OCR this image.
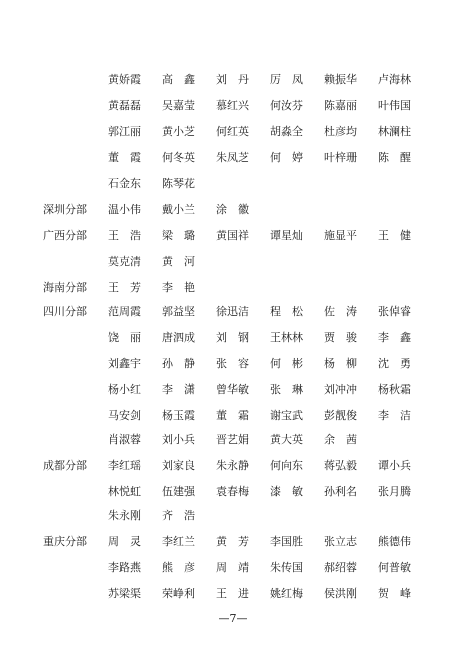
黄娇霞 高　鑫 刘　丹 厉　凤 赖振华 卢海林
黄磊磊 吴嘉莹 慕红兴 何汝芬 陈嘉丽 叶伟国
郭江丽 黄小芝 何红英 胡淼全 杜彦均 林澜柱
董　霞 何冬英 朱凤芝 何　婷 叶梓珊 陈　醒
石金东 陈琴花
深圳分部 温小伟 戴小兰 涂　徽
广西分部 王　浩 梁　璐 黄国祥 谭星灿 施显平 王　健
莫克清 黄　河
海南分部 王　芳 李　艳
四川分部 范周霞 郭益坚 徐迅洁 程　松 佐　涛 张倬睿
饶　丽 唐泗成 刘　钢 王林林 贾　骏 李　鑫
刘鑫宇 孙　静 张　容 何　彬 杨　柳 沈　勇
杨小红 李　潇 曾华敏 张　琳 刘冲冲 杨秋霜
马安剑 杨玉霞 董　霜 谢宝武 彭靓俊 李　洁
肖淑蓉 刘小兵 晋艺娟 黄大英 余　茜
成都分部 李红瑶 刘家良 朱永静 何向东 蒋弘毅 谭小兵
林悦虹 伍建强 袁春梅 漆　敏 孙利名 张月腾
朱永刚 齐　浩
重庆分部 周　灵 李红兰 黄　芳 李国胜 张立志 熊德伟
李路燕 熊　彦 周　靖 朱传国 郝绍蓉 何普敏
苏梁渠 荣峥利 王　进 姚红梅 侯洪刚 贺　峰
—7—
